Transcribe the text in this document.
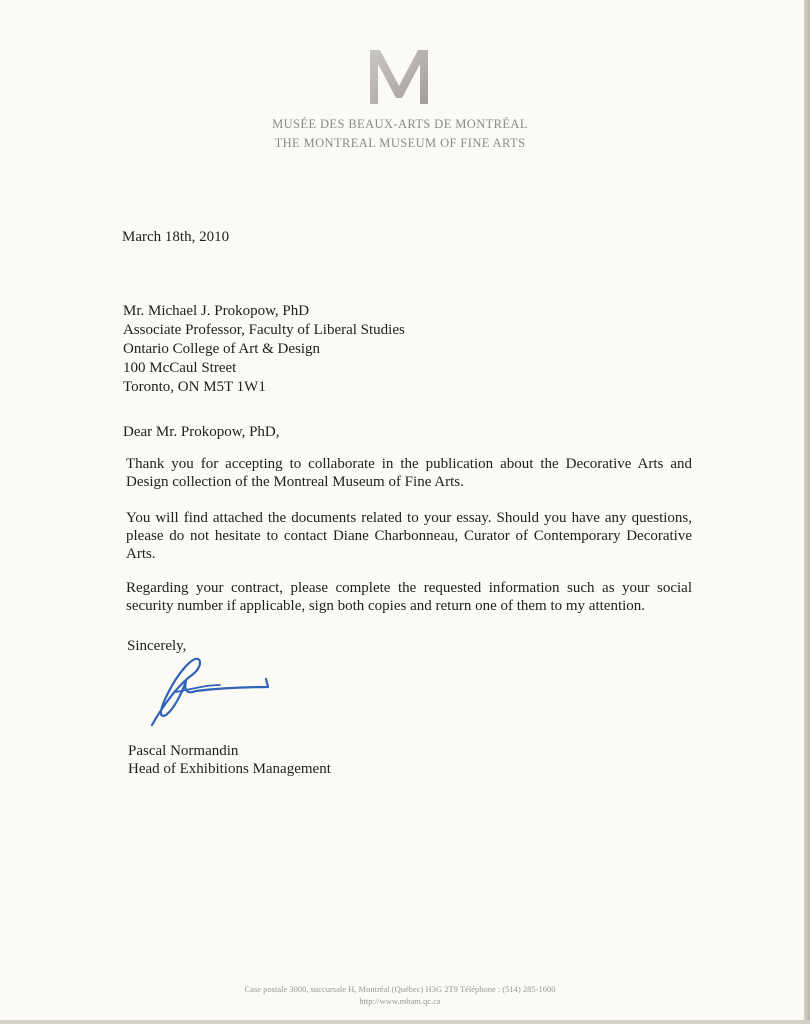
MUSÉE DES BEAUX-ARTS DE MONTRÉAL
THE MONTREAL MUSEUM OF FINE ARTS
March 18th, 2010
Mr. Michael J. Prokopow, PhD
Associate Professor, Faculty of Liberal Studies
Ontario College of Art & Design
100 McCaul Street
Toronto, ON M5T 1W1
Dear Mr. Prokopow, PhD,
Thank you for accepting to collaborate in the publication about the Decorative Arts and Design collection of the Montreal Museum of Fine Arts.
You will find attached the documents related to your essay. Should you have any questions, please do not hesitate to contact Diane Charbonneau, Curator of Contemporary Decorative Arts.
Regarding your contract, please complete the requested information such as your social security number if applicable, sign both copies and return one of them to my attention.
Sincerely,
Pascal Normandin
Head of Exhibitions Management
Case postale 3000, succursale H, Montréal (Québec) H3G 2T9 Téléphone : (514) 285-1600
http://www.mbam.qc.ca
